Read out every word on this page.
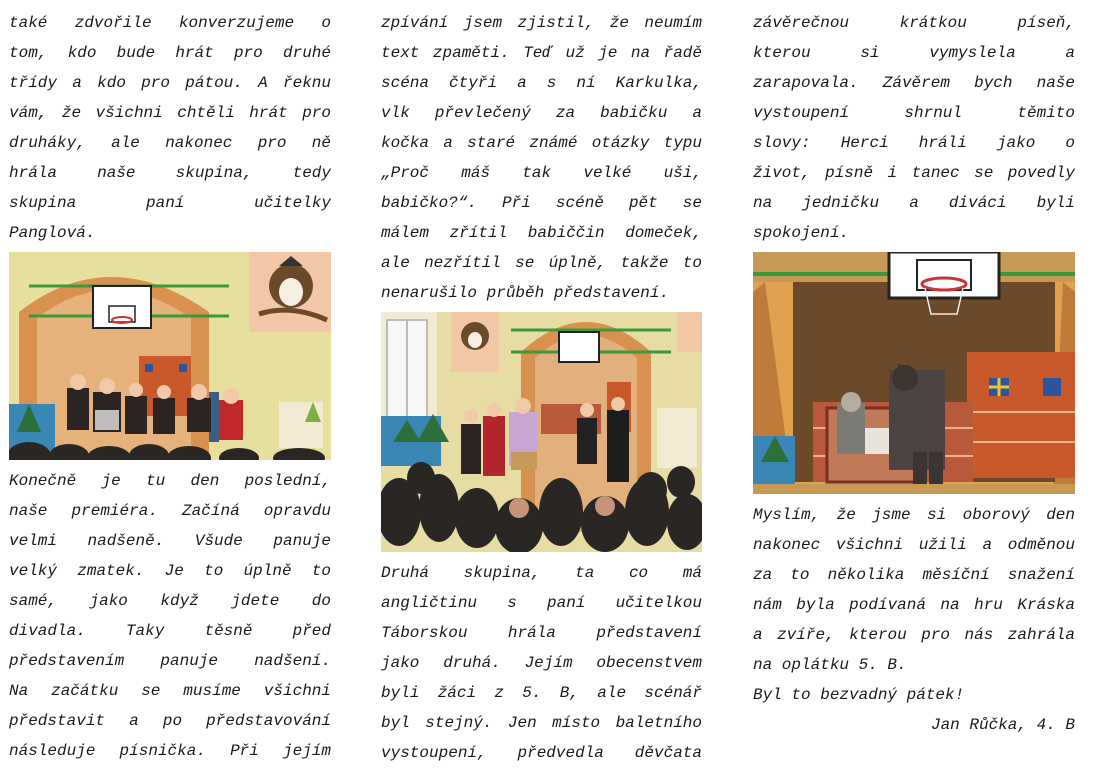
také zdvořile konverzujeme o
tom, kdo bude hrát pro druhé
třídy a kdo pro pátou. A řeknu
vám, že všichni chtěli hrát pro
druháky, ale nakonec pro ně
hrála naše skupina, tedy
skupina paní učitelky
Panglová.
Konečně je tu den poslední,
naše premiéra. Začíná opravdu
velmi nadšeně. Všude panuje
velký zmatek. Je to úplně to
samé, jako když jdete do
divadla. Taky těsně před
představením panuje nadšení.
Na začátku se musíme všichni
představit a po představování
následuje písnička. Při jejím
zpívání jsem zjistil, že neumím
text zpaměti. Teď už je na řadě
scéna čtyři a s ní Karkulka,
vlk převlečený za babičku a
kočka a staré známé otázky typu
„Proč máš tak velké uši,
babičko?“. Při scéně pět se
málem zřítil babiččin domeček,
ale nezřítil se úplně, takže to
nenarušilo průběh představení.
Druhá skupina, ta co má
angličtinu s paní učitelkou
Táborskou hrála představení
jako druhá. Jejím obecenstvem
byli žáci z 5. B, ale scénář
byl stejný. Jen místo baletního
vystoupení, předvedla děvčata
závěrečnou krátkou píseň,
kterou si vymyslela a
zarapovala. Závěrem bych naše
vystoupení shrnul těmito
slovy: Herci hráli jako o
život, písně i tanec se povedly
na jedničku a diváci byli
spokojení.
Myslím, že jsme si oborový den
nakonec všichni užili a odměnou
za to několika měsíční snažení
nám byla podívaná na hru Kráska
a zvíře, kterou pro nás zahrála
na oplátku 5. B.
Byl to bezvadný pátek!
Jan Růčka, 4. B
